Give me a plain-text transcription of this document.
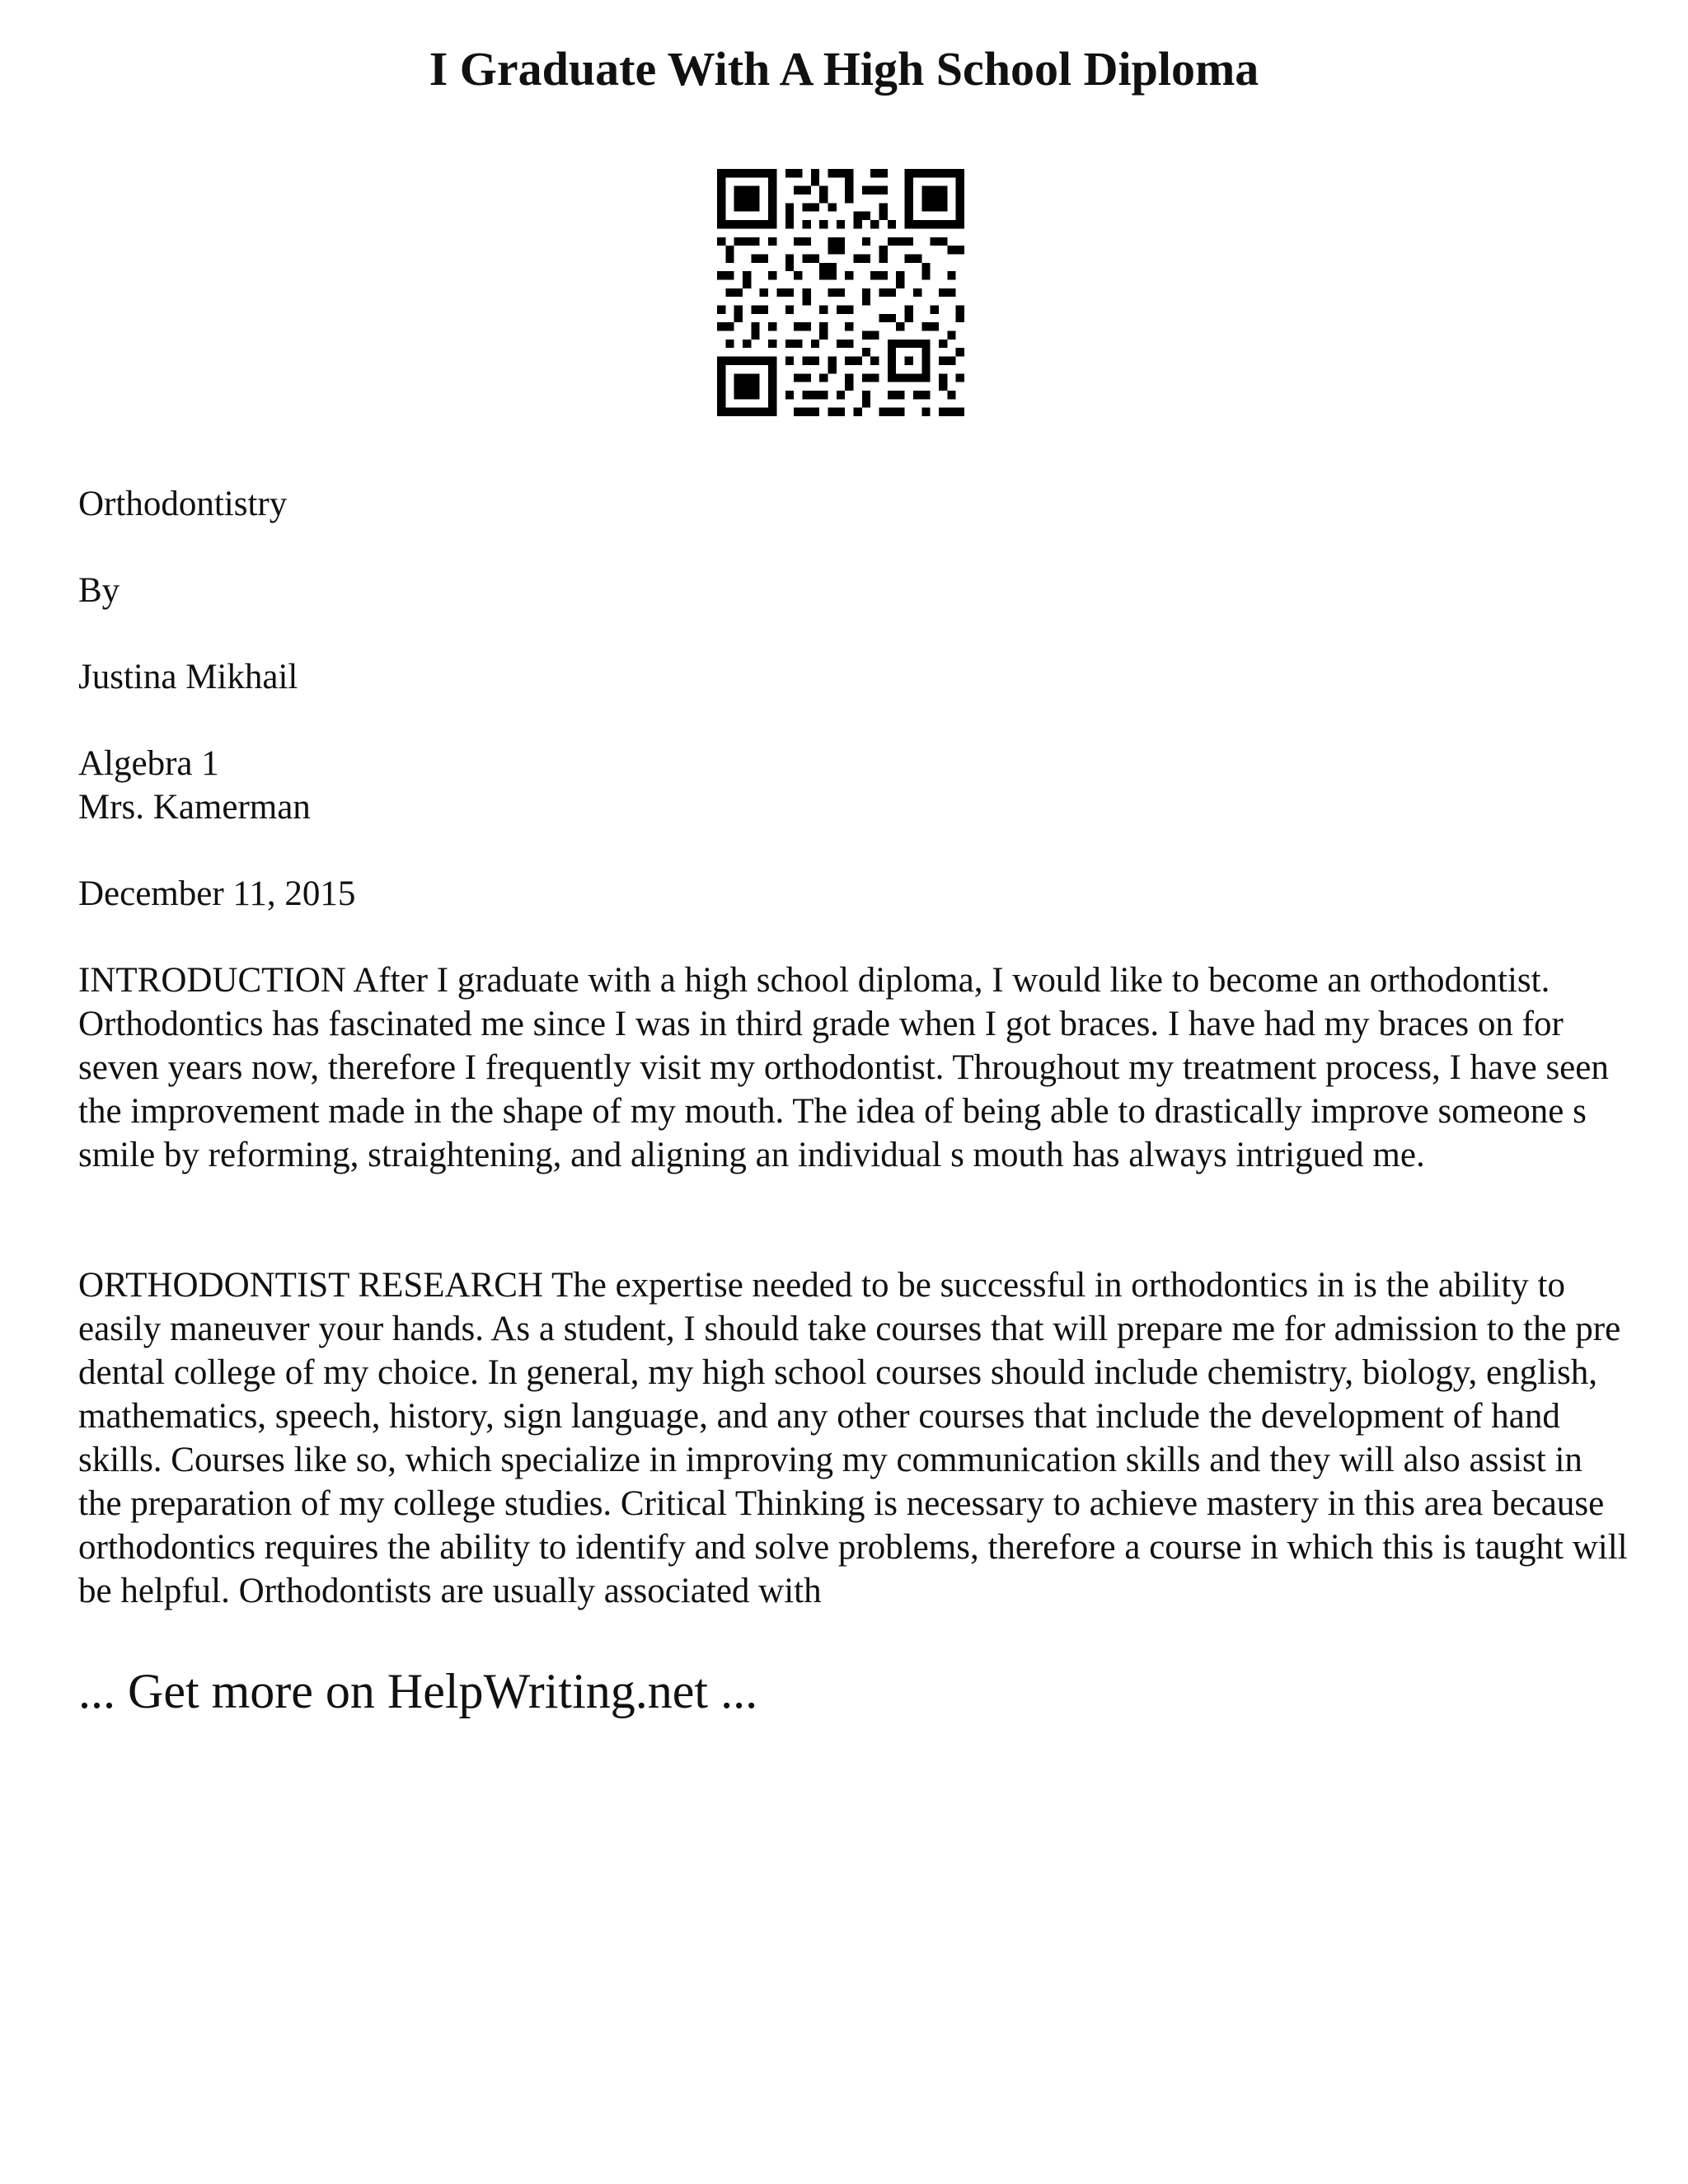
I Graduate With A High School Diploma

Orthodontistry

By

Justina Mikhail

Algebra 1

Mrs. Kamerman

December 11, 2015

INTRODUCTION After I graduate with a high school diploma, I would like to become an orthodontist. Orthodontics has fascinated me since I was in third grade when I got braces. I have had my braces on for seven years now, therefore I frequently visit my orthodontist. Throughout my treatment process, I have seen the improvement made in the shape of my mouth. The idea of being able to drastically improve someone s smile by reforming, straightening, and aligning an individual s mouth has always intrigued me.

ORTHODONTIST RESEARCH The expertise needed to be successful in orthodontics in is the ability to easily maneuver your hands. As a student, I should take courses that will prepare me for admission to the pre dental college of my choice. In general, my high school courses should include chemistry, biology, english, mathematics, speech, history, sign language, and any other courses that include the development of hand skills. Courses like so, which specialize in improving my communication skills and they will also assist in the preparation of my college studies. Critical Thinking is necessary to achieve mastery in this area because orthodontics requires the ability to identify and solve problems, therefore a course in which this is taught will be helpful. Orthodontists are usually associated with

... Get more on HelpWriting.net ...
